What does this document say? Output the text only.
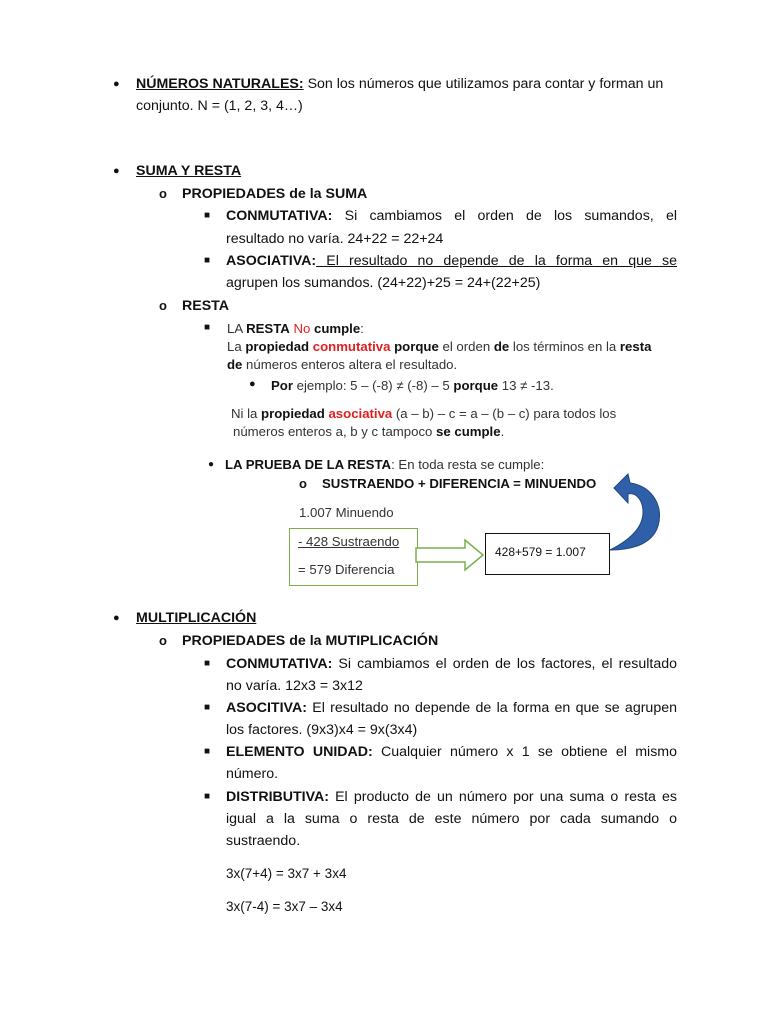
● NÚMEROS NATURALES: Son los números que utilizamos para contar y forman un
conjunto. N = (1, 2, 3, 4…)
● SUMA Y RESTA
o PROPIEDADES de la SUMA
■ CONMUTATIVA: Si cambiamos el orden de los sumandos, el
resultado no varía. 24+22 = 22+24
■ ASOCIATIVA: El resultado no depende de la forma en que se
agrupen los sumandos. (24+22)+25 = 24+(22+25)
o RESTA
■ LA RESTA No cumple:
La propiedad conmutativa porque el orden de los términos en la resta
de números enteros altera el resultado.
● Por ejemplo: 5 – (-8) ≠ (-8) – 5 porque 13 ≠ -13.
Ni la propiedad asociativa (a – b) – c = a – (b – c) para todos los
números enteros a, b y c tampoco se cumple.
● LA PRUEBA DE LA RESTA: En toda resta se cumple:
o SUSTRAENDO + DIFERENCIA = MINUENDO
1.007 Minuendo
- 428 Sustraendo
= 579 Diferencia
428+579 = 1.007
● MULTIPLICACIÓN
o PROPIEDADES de la MUTIPLICACIÓN
■ CONMUTATIVA: Si cambiamos el orden de los factores, el resultado
no varía. 12x3 = 3x12
■ ASOCITIVA: El resultado no depende de la forma en que se agrupen
los factores. (9x3)x4 = 9x(3x4)
■ ELEMENTO UNIDAD: Cualquier número x 1 se obtiene el mismo
número.
■ DISTRIBUTIVA: El producto de un número por una suma o resta es
igual a la suma o resta de este número por cada sumando o
sustraendo.
3x(7+4) = 3x7 + 3x4
3x(7-4) = 3x7 – 3x4
